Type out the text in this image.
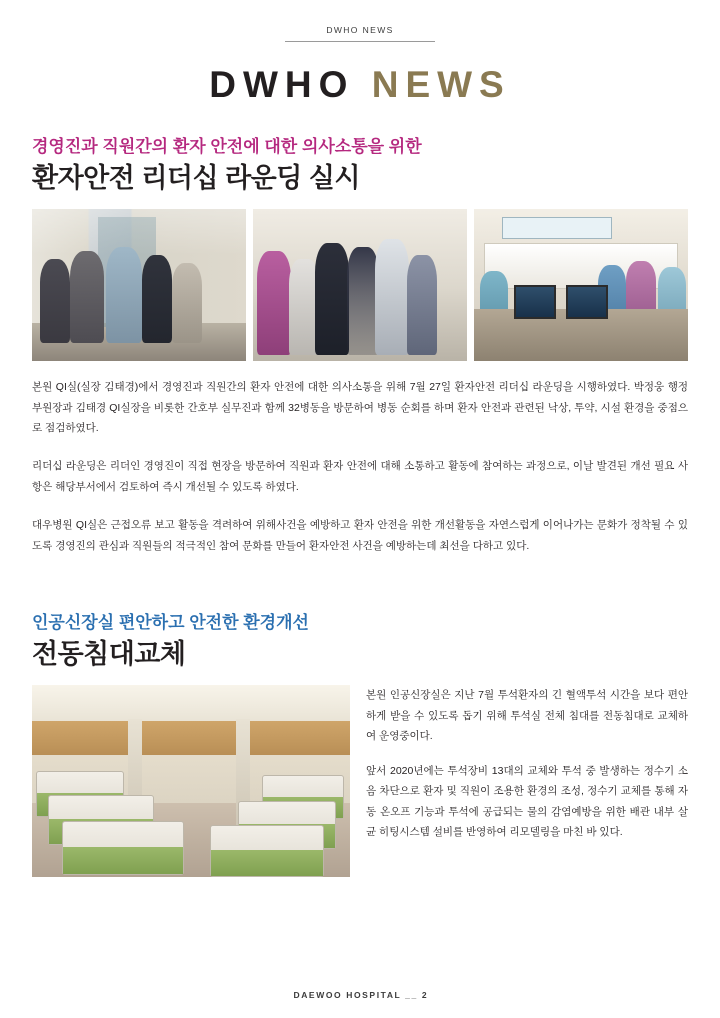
DWHO NEWS
DWHO NEWS
경영진과 직원간의 환자 안전에 대한 의사소통을 위한
환자안전 리더십 라운딩 실시

본원 QI실(실장 김태경)에서 경영진과 직원간의 환자 안전에 대한 의사소통을 위해 7월 27일 환자안전 리더십 라운딩을 시행하였다. 박정웅 행정부원장과 김태경 QI실장을 비롯한 간호부 실무진과 함께 32병동을 방문하여 병동 순회를 하며 환자 안전과 관련된 낙상, 투약, 시설 환경을 중점으로 점검하였다.

리더십 라운딩은 리더인 경영진이 직접 현장을 방문하여 직원과 환자 안전에 대해 소통하고 활동에 참여하는 과정으로, 이날 발견된 개선 필요 사항은 해당부서에서 검토하여 즉시 개선될 수 있도록 하였다.

대우병원 QI실은 근접오류 보고 활동을 격려하여 위해사건을 예방하고 환자 안전을 위한 개선활동을 자연스럽게 이어나가는 문화가 정착될 수 있도록 경영진의 관심과 직원들의 적극적인 참여 문화를 만들어 환자안전 사건을 예방하는데 최선을 다하고 있다.

인공신장실 편안하고 안전한 환경개선
전동침대교체

본원 인공신장실은 지난 7월 투석환자의 긴 혈액투석 시간을 보다 편안하게 받을 수 있도록 돕기 위해 투석실 전체 침대를 전동침대로 교체하여 운영중이다.

앞서 2020년에는 투석장비 13대의 교체와 투석 중 발생하는 정수기 소음 차단으로 환자 및 직원이 조용한 환경의 조성, 정수기 교체를 통해 자동 온오프 기능과 투석에 공급되는 물의 감염예방을 위한 배관 내부 살균 히팅시스템 설비를 반영하여 리모델링을 마친 바 있다.

DAEWOO HOSPITAL __ 2
